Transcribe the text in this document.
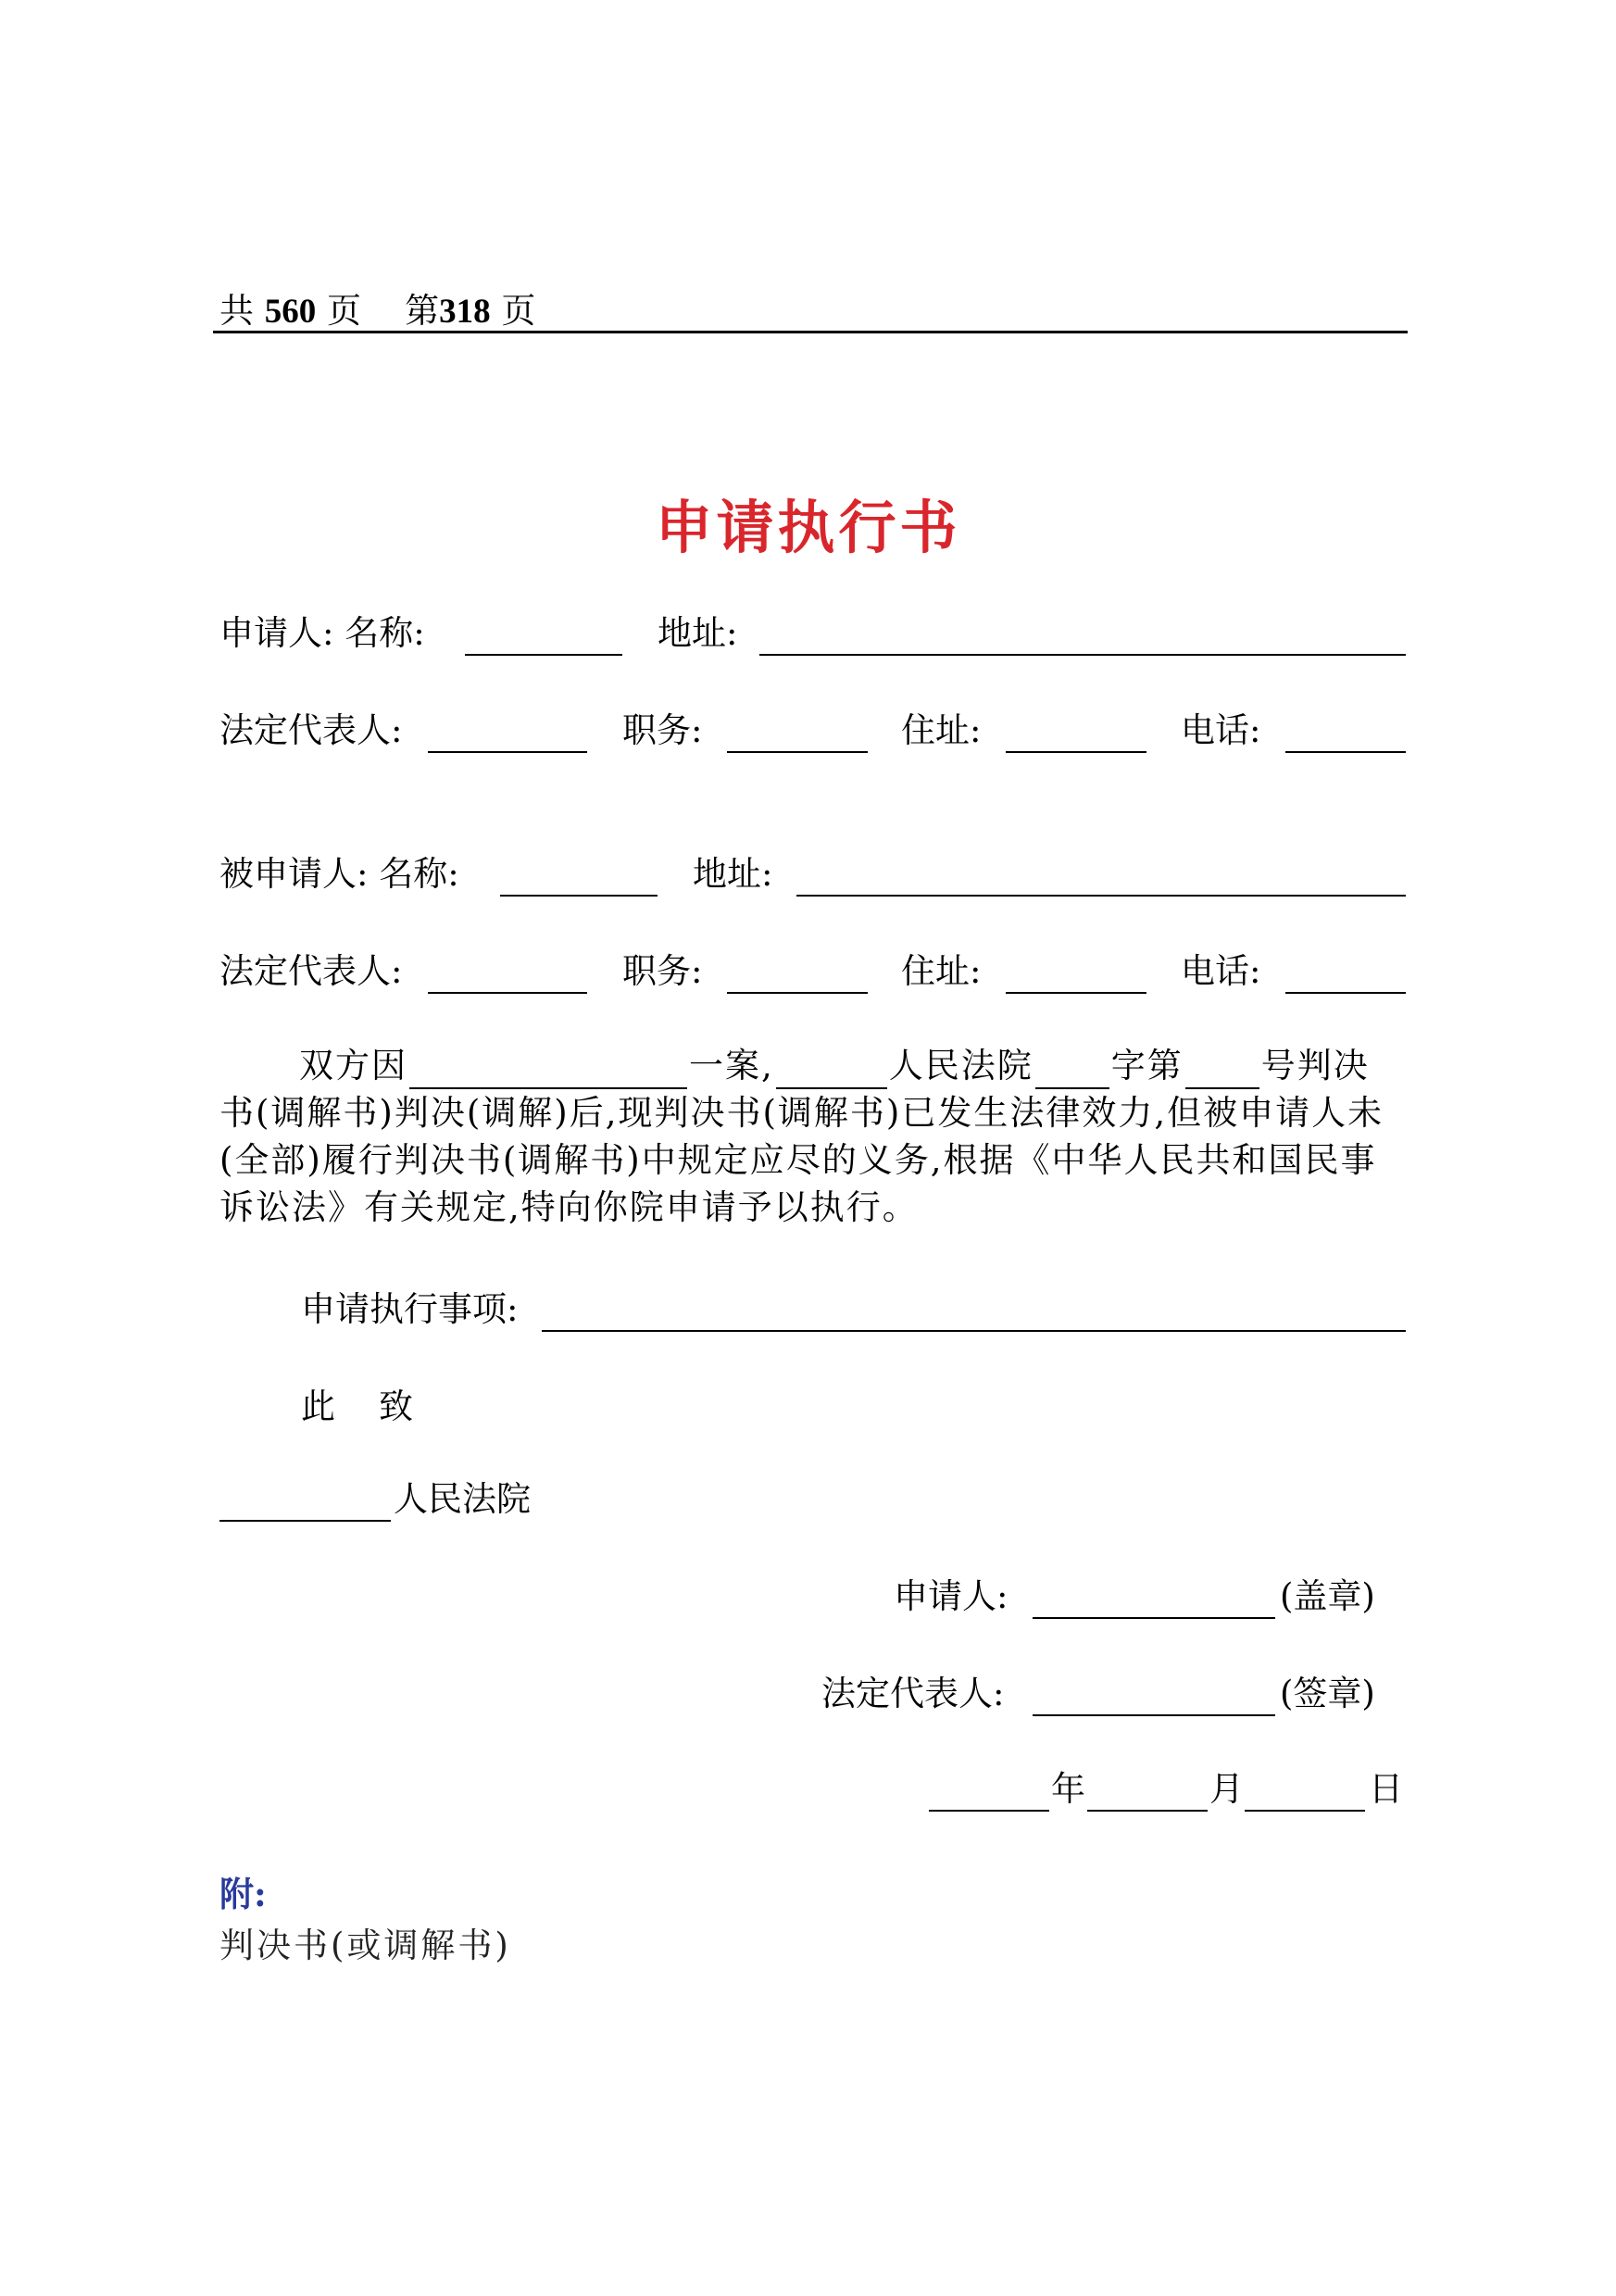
共 560 页 第318 页
申请执行书
申请人: 名称:	地址:
法定代表人:	职务:	住址:	电话:
被申请人: 名称:	地址:
法定代表人:	职务:	住址:	电话:
双方因	一案,	人民法院 字第 号判决书(调解书)判决(调解)后,现判决书(调解书)已发生法律效力,但被申请人未(全部)履行判决书(调解书)中规定应尽的义务,根据《中华人民共和国民事诉讼法》有关规定,特向你院申请予以执行。
申请执行事项:
此    致
人民法院
申请人:	(盖章)
法定代表人:	(签章)
年	月	日
附:
判决书(或调解书)
